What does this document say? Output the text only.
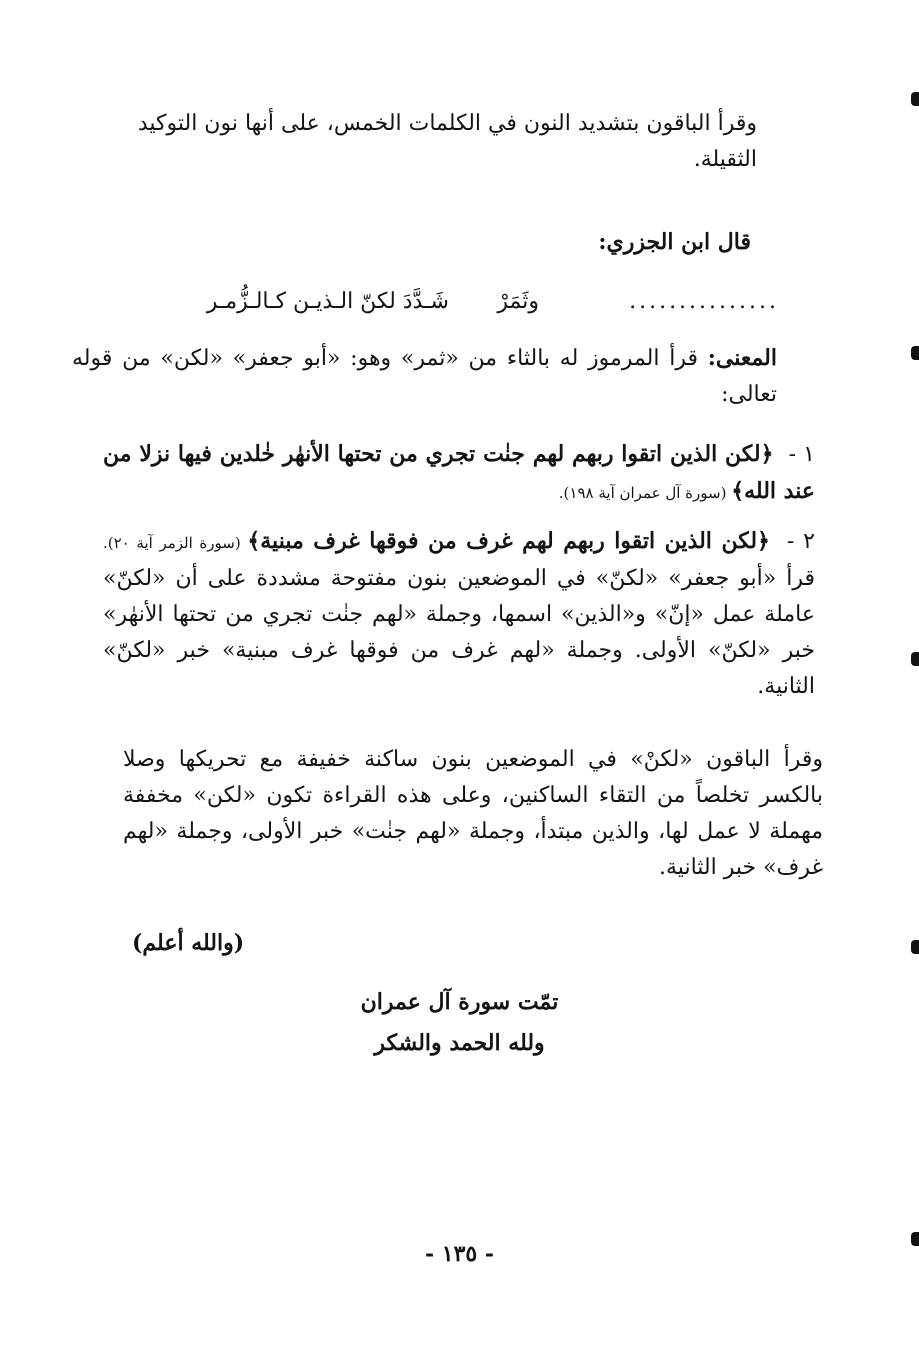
وقرأ الباقون بتشديد النون في الكلمات الخمس، على أنها نون التوكيد
الثقيلة.
قال ابن الجزري:
...............
وثَمَرْ
شَـدَّدَ لكنّ الـذيـن كـالـزُّمـر
المعنى: قرأ المرموز له بالثاء من «ثمر» وهو: «أبو جعفر» «لكن» من قوله تعالى:
١ - ﴿لكن الذين اتقوا ربهم لهم جنٰت تجري من تحتها الأنهٰر خٰلدين فيها نزلا من عند الله﴾ (سورة آل عمران آية ١٩٨).
٢ - ﴿لكن الذين اتقوا ربهم لهم غرف من فوقها غرف مبنية﴾ (سورة الزمر آية ٢٠). قرأ «أبو جعفر» «لكنّ» في الموضعين بنون مفتوحة مشددة على أن «لكنّ» عاملة عمل «إنّ» و«الذين» اسمها، وجملة «لهم جنٰت تجري من تحتها الأنهٰر» خبر «لكنّ» الأولى. وجملة «لهم غرف من فوقها غرف مبنية» خبر «لكنّ» الثانية.
وقرأ الباقون «لكنْ» في الموضعين بنون ساكنة خفيفة مع تحريكها وصلا بالكسر تخلصاً من التقاء الساكنين، وعلى هذه القراءة تكون «لكن» مخففة مهملة لا عمل لها، والذين مبتدأ، وجملة «لهم جنٰت» خبر الأولى، وجملة «لهم غرف» خبر الثانية.
(والله أعلم)
تمّت سورة آل عمران
ولله الحمد والشكر
- ١٣٥ -
